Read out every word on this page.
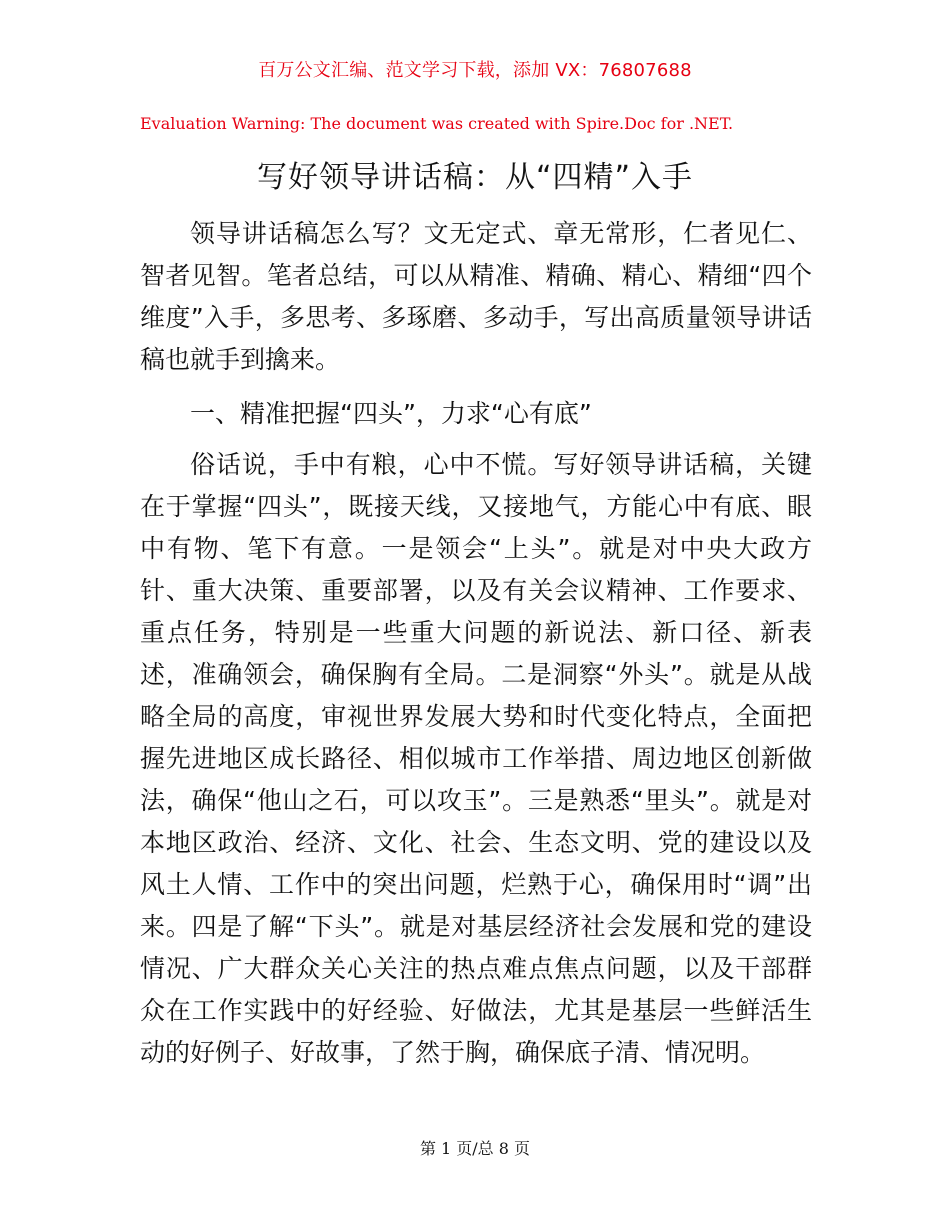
百万公文汇编、范文学习下载，添加 VX：76807688
Evaluation Warning: The document was created with Spire.Doc for .NET.
写好领导讲话稿：从“四精”入手

领导讲话稿怎么写？文无定式、章无常形，仁者见仁、智者见智。笔者总结，可以从精准、精确、精心、精细“四个维度”入手，多思考、多琢磨、多动手，写出高质量领导讲话稿也就手到擒来。

一、精准把握“四头”，力求“心有底”

俗话说，手中有粮，心中不慌。写好领导讲话稿，关键在于掌握“四头”，既接天线，又接地气，方能心中有底、眼中有物、笔下有意。一是领会“上头”。就是对中央大政方针、重大决策、重要部署，以及有关会议精神、工作要求、重点任务，特别是一些重大问题的新说法、新口径、新表述，准确领会，确保胸有全局。二是洞察“外头”。就是从战略全局的高度，审视世界发展大势和时代变化特点，全面把握先进地区成长路径、相似城市工作举措、周边地区创新做法，确保“他山之石，可以攻玉”。三是熟悉“里头”。就是对本地区政治、经济、文化、社会、生态文明、党的建设以及风土人情、工作中的突出问题，烂熟于心，确保用时“调”出来。四是了解“下头”。就是对基层经济社会发展和党的建设情况、广大群众关心关注的热点难点焦点问题，以及干部群众在工作实践中的好经验、好做法，尤其是基层一些鲜活生动的好例子、好故事，了然于胸，确保底子清、情况明。

第 1 页/总 8 页
